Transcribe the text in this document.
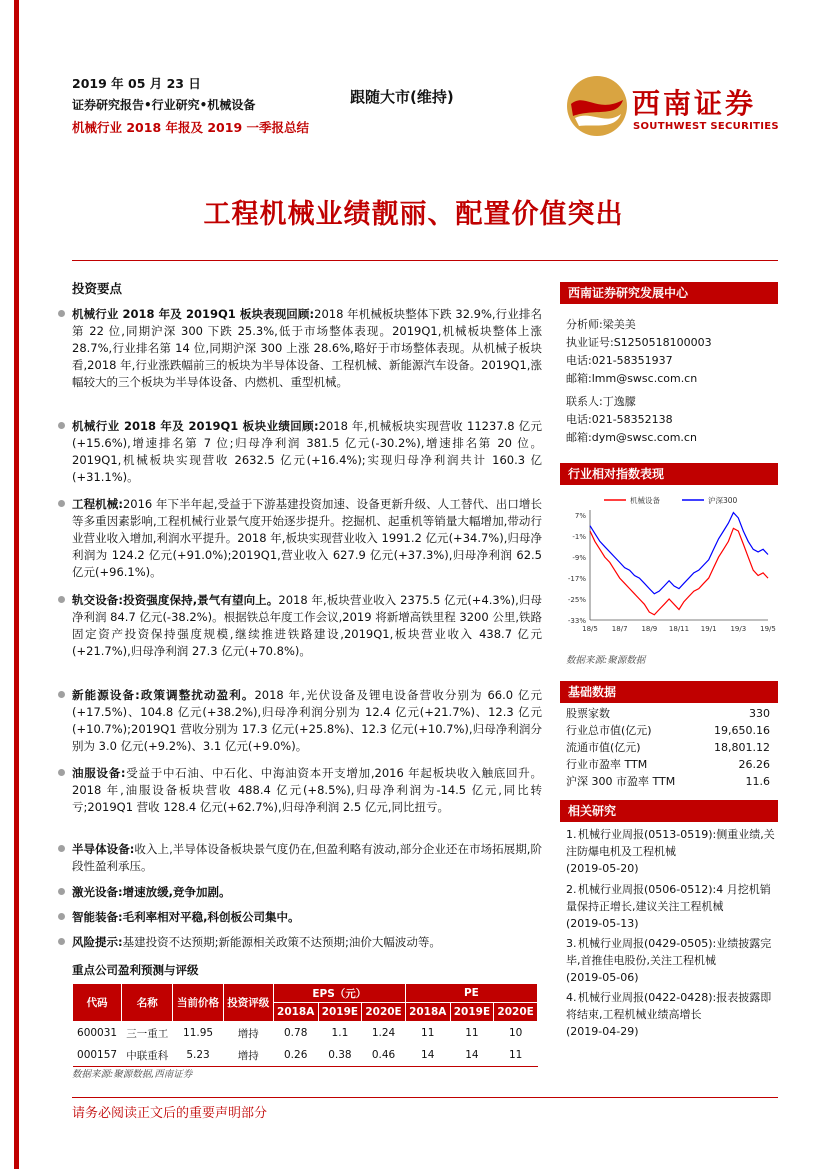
2019 年 05 月 23 日
证券研究报告•行业研究•机械设备
机械行业 2018 年报及 2019 一季报总结
跟随大市(维持)	西南证券
SOUTHWEST SECURITIES
工程机械业绩靓丽、配置价值突出
投资要点
机械行业 2018 年及 2019Q1 板块表现回顾:2018 年机械板块整体下跌 32.9%,行业排名第 22 位,同期沪深 300 下跌 25.3%,低于市场整体表现。2019Q1,机械板块整体上涨 28.7%,行业排名第 14 位,同期沪深 300 上涨 28.6%,略好于市场整体表现。从机械子板块看,2018 年,行业涨跌幅前三的板块为半导体设备、工程机械、新能源汽车设备。2019Q1,涨幅较大的三个板块为半导体设备、内燃机、重型机械。
机械行业 2018 年及 2019Q1 板块业绩回顾:2018 年,机械板块实现营收 11237.8 亿元(+15.6%),增速排名第 7 位;归母净利润 381.5 亿元(-30.2%),增速排名第 20 位。2019Q1,机械板块实现营收 2632.5 亿元(+16.4%);实现归母净利润共计 160.3 亿(+31.1%)。
工程机械:2016 年下半年起,受益于下游基建投资加速、设备更新升级、人工替代、出口增长等多重因素影响,工程机械行业景气度开始逐步提升。挖掘机、起重机等销量大幅增加,带动行业营业收入增加,利润水平提升。2018 年,板块实现营业收入 1991.2 亿元(+34.7%),归母净利润为 124.2 亿元(+91.0%);2019Q1,营业收入 627.9 亿元(+37.3%),归母净利润 62.5 亿元(+96.1%)。
轨交设备:投资强度保持,景气有望向上。2018 年,板块营业收入 2375.5 亿元(+4.3%),归母净利润 84.7 亿元(-38.2%)。根据铁总年度工作会议,2019 将新增高铁里程 3200 公里,铁路固定资产投资保持强度规模,继续推进铁路建设,2019Q1,板块营业收入 438.7 亿元(+21.7%),归母净利润 27.3 亿元(+70.8%)。
新能源设备:政策调整扰动盈利。2018 年,光伏设备及锂电设备营收分别为 66.0 亿元(+17.5%)、104.8 亿元(+38.2%),归母净利润分别为 12.4 亿元(+21.7%)、12.3 亿元(+10.7%);2019Q1 营收分别为 17.3 亿元(+25.8%)、12.3 亿元(+10.7%),归母净利润分别为 3.0 亿元(+9.2%)、3.1 亿元(+9.0%)。
油服设备:受益于中石油、中石化、中海油资本开支增加,2016 年起板块收入触底回升。2018 年,油服设备板块营收 488.4 亿元(+8.5%),归母净利润为-14.5 亿元,同比转亏;2019Q1 营收 128.4 亿元(+62.7%),归母净利润 2.5 亿元,同比扭亏。
半导体设备:收入上,半导体设备板块景气度仍在,但盈利略有波动,部分企业还在市场拓展期,阶段性盈利承压。
激光设备:增速放缓,竞争加剧。
智能装备:毛利率相对平稳,科创板公司集中。
风险提示:基建投资不达预期;新能源相关政策不达预期;油价大幅波动等。
重点公司盈利预测与评级
代码	名称	当前价格	投资评级	EPS（元）			PE		
				2018A	2019E	2020E	2018A	2019E	2020E
600031	三一重工	11.95	增持	0.78	1.1	1.24	11	11	10
000157	中联重科	5.23	增持	0.26	0.38	0.46	14	14	11
数据来源:聚源数据,西南证券
西南证券研究发展中心
分析师:梁美美
执业证号:S1250518100003
电话:021-58351937
邮箱:lmm@swsc.com.cn
联系人:丁逸朦
电话:021-58352138
邮箱:dym@swsc.com.cn
行业相对指数表现
7%
-1%
-9%
-17%
-25%
-33%
18/5 18/7 18/9 18/11 19/1 19/3 19/5
机械设备	沪深300
数据来源:聚源数据
基础数据
股票家数	330
行业总市值(亿元)	19,650.16
流通市值(亿元)	18,801.12
行业市盈率 TTM	26.26
沪深 300 市盈率 TTM	11.6
相关研究
1. 机械行业周报(0513-0519):侧重业绩,关注防爆电机及工程机械
(2019-05-20)
2. 机械行业周报(0506-0512):4 月挖机销量保持正增长,建议关注工程机械
(2019-05-13)
3. 机械行业周报(0429-0505):业绩披露完毕,首推佳电股份,关注工程机械
(2019-05-06)
4. 机械行业周报(0422-0428):报表披露即将结束,工程机械业绩高增长
(2019-04-29)
请务必阅读正文后的重要声明部分
